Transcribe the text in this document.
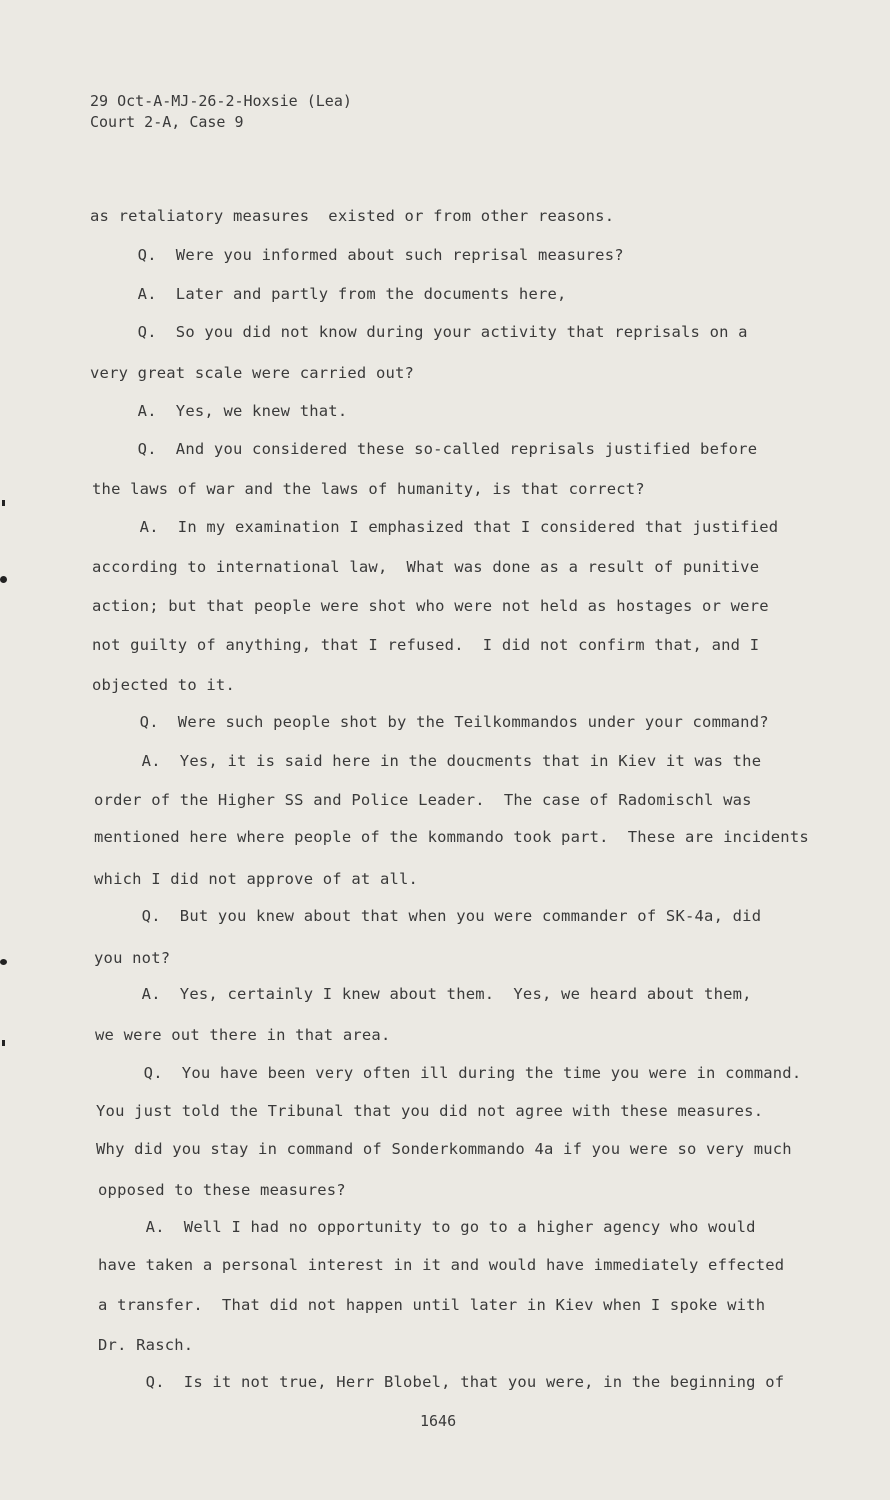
29 Oct-A-MJ-26-2-Hoxsie (Lea)
Court 2-A, Case 9
as retaliatory measures  existed or from other reasons.
Q.  Were you informed about such reprisal measures?
A.  Later and partly from the documents here,
Q.  So you did not know during your activity that reprisals on a
very great scale were carried out?
A.  Yes, we knew that.
Q.  And you considered these so-called reprisals justified before
the laws of war and the laws of humanity, is that correct?
A.  In my examination I emphasized that I considered that justified
according to international law,  What was done as a result of punitive
action; but that people were shot who were not held as hostages or were
not guilty of anything, that I refused.  I did not confirm that, and I
objected to it.
Q.  Were such people shot by the Teilkommandos under your command?
A.  Yes, it is said here in the doucments that in Kiev it was the
order of the Higher SS and Police Leader.  The case of Radomischl was
mentioned here where people of the kommando took part.  These are incidents
which I did not approve of at all.
Q.  But you knew about that when you were commander of SK-4a, did
you not?
A.  Yes, certainly I knew about them.  Yes, we heard about them,
we were out there in that area.
Q.  You have been very often ill during the time you were in command.
You just told the Tribunal that you did not agree with these measures.
Why did you stay in command of Sonderkommando 4a if you were so very much
opposed to these measures?
A.  Well I had no opportunity to go to a higher agency who would
have taken a personal interest in it and would have immediately effected
a transfer.  That did not happen until later in Kiev when I spoke with
Dr. Rasch.
Q.  Is it not true, Herr Blobel, that you were, in the beginning of
1646
